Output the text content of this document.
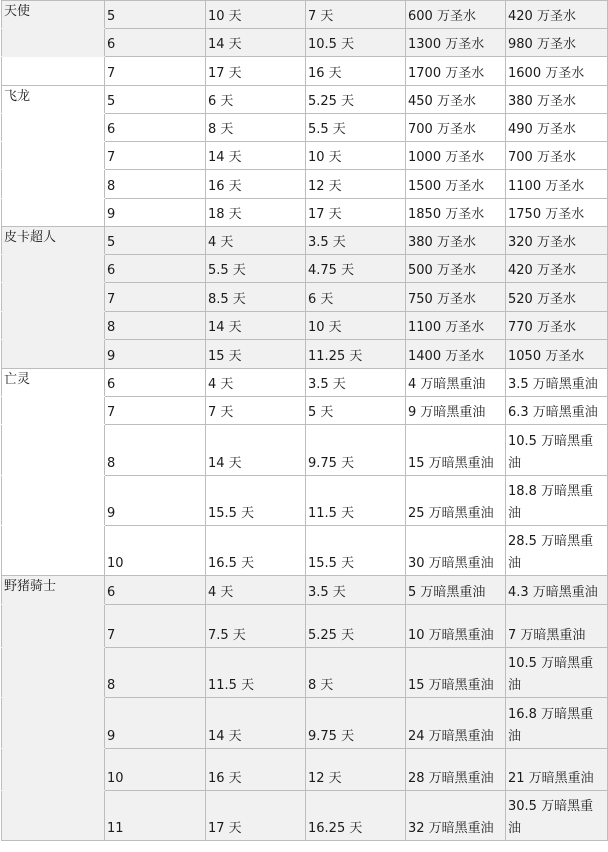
天使	5	10 天	7 天	600 万圣水	420 万圣水
	6	14 天	10.5 天	1300 万圣水	980 万圣水
	7	17 天	16 天	1700 万圣水	1600 万圣水
飞龙	5	6 天	5.25 天	450 万圣水	380 万圣水
	6	8 天	5.5 天	700 万圣水	490 万圣水
	7	14 天	10 天	1000 万圣水	700 万圣水
	8	16 天	12 天	1500 万圣水	1100 万圣水
	9	18 天	17 天	1850 万圣水	1750 万圣水
皮卡超人	5	4 天	3.5 天	380 万圣水	320 万圣水
	6	5.5 天	4.75 天	500 万圣水	420 万圣水
	7	8.5 天	6 天	750 万圣水	520 万圣水
	8	14 天	10 天	1100 万圣水	770 万圣水
	9	15 天	11.25 天	1400 万圣水	1050 万圣水
亡灵	6	4 天	3.5 天	4 万暗黑重油	3.5 万暗黑重油
	7	7 天	5 天	9 万暗黑重油	6.3 万暗黑重油
	8	14 天	9.75 天	15 万暗黑重油	10.5 万暗黑重油
	9	15.5 天	11.5 天	25 万暗黑重油	18.8 万暗黑重油
	10	16.5 天	15.5 天	30 万暗黑重油	28.5 万暗黑重油
野猪骑士	6	4 天	3.5 天	5 万暗黑重油	4.3 万暗黑重油
	7	7.5 天	5.25 天	10 万暗黑重油	7 万暗黑重油
	8	11.5 天	8 天	15 万暗黑重油	10.5 万暗黑重油
	9	14 天	9.75 天	24 万暗黑重油	16.8 万暗黑重油
	10	16 天	12 天	28 万暗黑重油	21 万暗黑重油
	11	17 天	16.25 天	32 万暗黑重油	30.5 万暗黑重油
